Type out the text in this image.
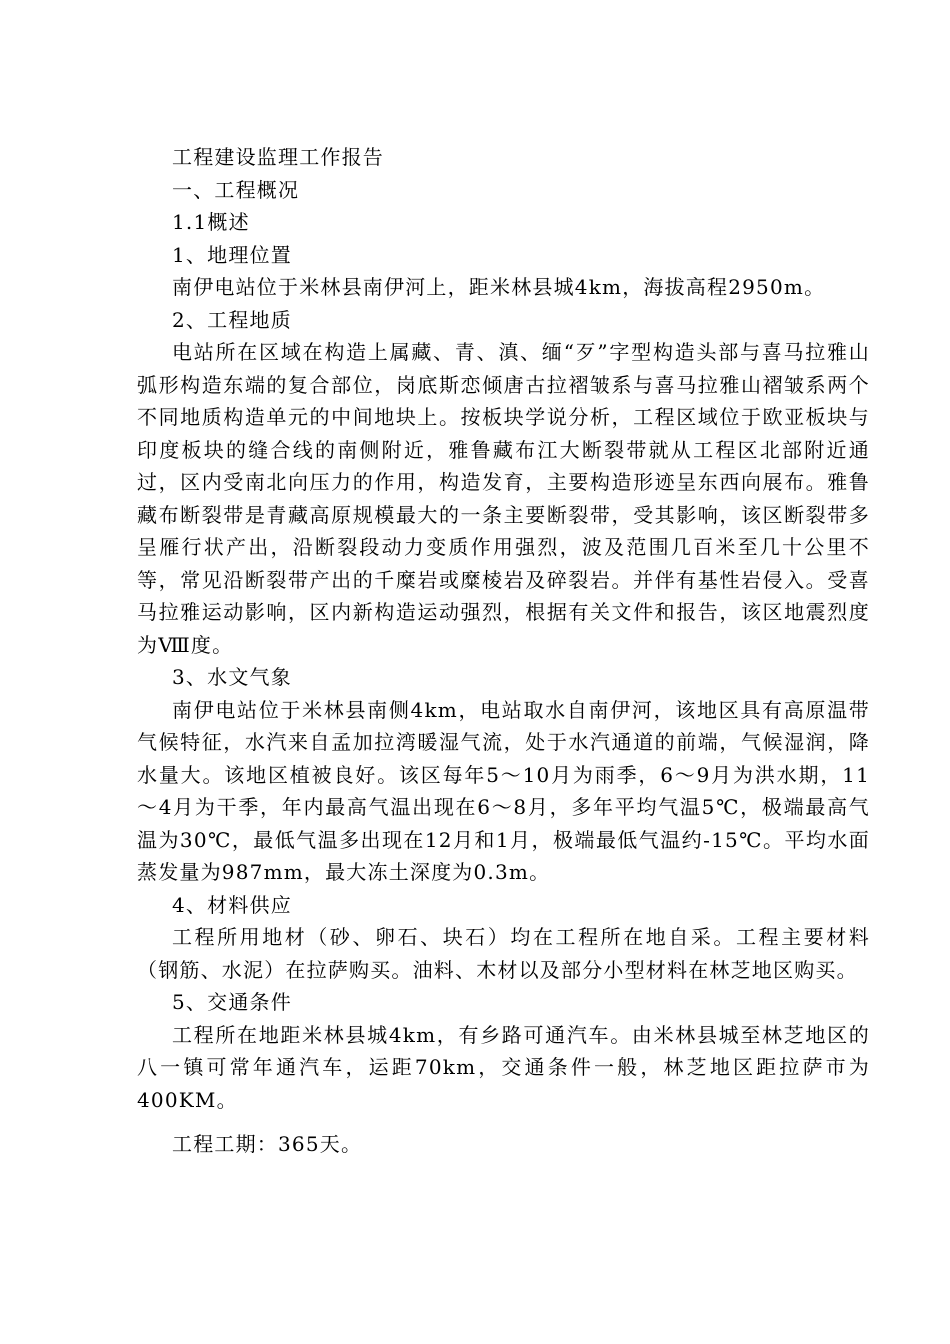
工程建设监理工作报告

一、工程概况

1.1概述

1、地理位置

南伊电站位于米林县南伊河上，距米林县城4km，海拔高程2950m。

2、工程地质

电站所在区域在构造上属藏、青、滇、缅“歹”字型构造头部与喜马拉雅山弧形构造东端的复合部位，岗底斯恋倾唐古拉褶皱系与喜马拉雅山褶皱系两个不同地质构造单元的中间地块上。按板块学说分析，工程区域位于欧亚板块与印度板块的缝合线的南侧附近，雅鲁藏布江大断裂带就从工程区北部附近通过，区内受南北向压力的作用，构造发育，主要构造形迹呈东西向展布。雅鲁藏布断裂带是青藏高原规模最大的一条主要断裂带，受其影响，该区断裂带多呈雁行状产出，沿断裂段动力变质作用强烈，波及范围几百米至几十公里不等，常见沿断裂带产出的千糜岩或糜棱岩及碎裂岩。并伴有基性岩侵入。受喜马拉雅运动影响，区内新构造运动强烈，根据有关文件和报告，该区地震烈度为Ⅷ度。

3、水文气象

南伊电站位于米林县南侧4km，电站取水自南伊河，该地区具有高原温带气候特征，水汽来自孟加拉湾暖湿气流，处于水汽通道的前端，气候湿润，降水量大。该地区植被良好。该区每年5～10月为雨季，6～9月为洪水期，11～4月为干季，年内最高气温出现在6～8月，多年平均气温5℃，极端最高气温为30℃，最低气温多出现在12月和1月，极端最低气温约-15℃。平均水面蒸发量为987mm，最大冻土深度为0.3m。

4、材料供应

工程所用地材（砂、卵石、块石）均在工程所在地自采。工程主要材料（钢筋、水泥）在拉萨购买。油料、木材以及部分小型材料在林芝地区购买。

5、交通条件

工程所在地距米林县城4km，有乡路可通汽车。由米林县城至林芝地区的八一镇可常年通汽车，运距70km，交通条件一般，林芝地区距拉萨市为400KM。

工程工期：365天。
